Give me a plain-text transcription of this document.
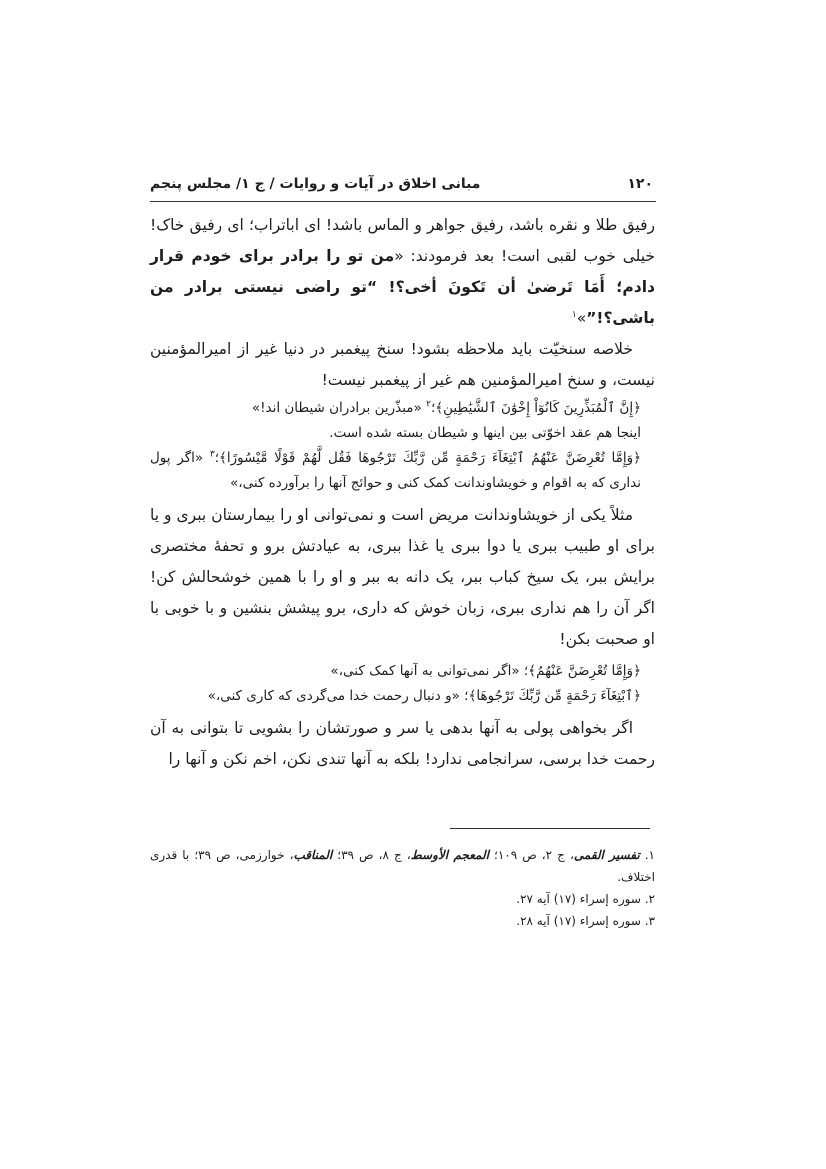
۱۲۰
مبانی اخلاق در آیات و روایات / ج ۱/ مجلس پنجم

رفیق طلا و نقره باشد، رفیق جواهر و الماس باشد! ای اباتراب؛ ای رفیق خاک! خیلی خوب لقبی است! بعد فرمودند: «من تو را برادر برای خودم قرار دادم؛ أَمَا تَرضیٰ أن تَکونَ أخی؟! “تو راضی نیستی برادر من باشی؟!”»$^۱$

خلاصه سنخیّت باید ملاحظه بشود! سنخ پیغمبر در دنیا غیر از امیرالمؤمنین نیست، و سنخ امیرالمؤمنین هم غیر از پیغمبر نیست!

﴿إِنَّ ٱلْمُبَذِّرِينَ كَانُوٓاْ إِخْوَٰنَ ٱلشَّيَٰطِينِ﴾؛$^۲$ «مبذّرین برادران شیطان اند!»

اینجا هم عقد اخوّتی بین اینها و شیطان بسته شده است.

﴿وَإِمَّا تُعْرِضَنَّ عَنْهُمُ ٱبْتِغَآءَ رَحْمَةٍ مِّن رَّبِّكَ تَرْجُوهَا فَقُل لَّهُمْ قَوْلًا مَّيْسُورًا﴾؛$^۳$ «اگر پول نداری که به اقوام و خویشاوندانت کمک کنی و حوائج آنها را برآورده کنی،»

مثلاً یکی از خویشاوندانت مریض است و نمی‌توانی او را بیمارستان ببری و یا برای او طبیب ببری یا دوا ببری یا غذا ببری، به عیادتش برو و تحفهٔ مختصری برایش ببر، یک سیخ کباب ببر، یک دانه به ببر و او را با همین خوشحالش کن! اگر آن را هم نداری ببری، زبان خوش که داری، برو پیشش بنشین و با خوبی با او صحبت بکن!

﴿وَإِمَّا تُعْرِضَنَّ عَنْهُمُ﴾؛ «اگر نمی‌توانی به آنها کمک کنی،»

﴿ٱبْتِغَآءَ رَحْمَةٍ مِّن رَّبِّكَ تَرْجُوهَا﴾؛ «و دنبال رحمت خدا می‌گردی که کاری کنی،»

اگر بخواهی پولی به آنها بدهی یا سر و صورتشان را بشویی تا بتوانی به آن رحمت خدا برسی، سرانجامی ندارد! بلکه به آنها تندی نکن، اخم نکن و آنها را

۱. تفسیر القمی، ج ۲، ص ۱۰۹؛ المعجم الأوسط، ج ۸، ص ۳۹؛ المناقب، خوارزمی، ص ۳۹؛ با قدری اختلاف.

۲. سوره إسراء (۱۷) آیه ۲۷.

۳. سوره إسراء (۱۷) آیه ۲۸.
